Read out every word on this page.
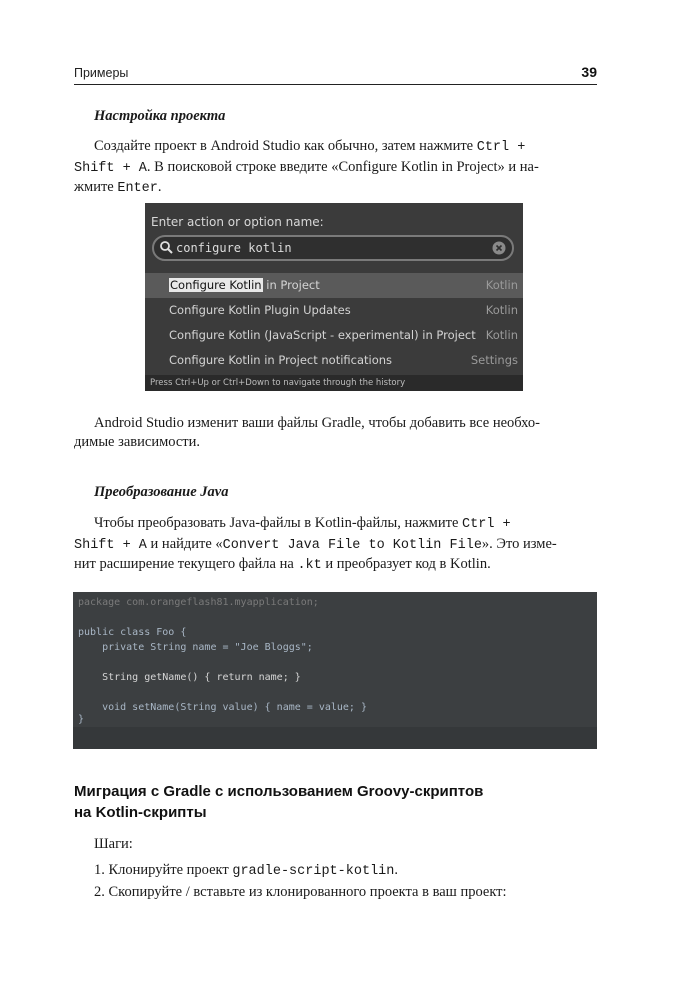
Примеры	39
Настройка проекта
Создайте проект в Android Studio как обычно, затем нажмите Ctrl +
Shift + A. В поисковой строке введите «Configure Kotlin in Project» и на-
жмите Enter.
Enter action or option name:
configure kotlin
Configure Kotlin in Project	Kotlin
Configure Kotlin Plugin Updates	Kotlin
Configure Kotlin (JavaScript - experimental) in Project Kotlin
Configure Kotlin in Project notifications	Settings
Press Ctrl+Up or Ctrl+Down to navigate through the history
Android Studio изменит ваши файлы Gradle, чтобы добавить все необхо-
димые зависимости.
Преобразование Java
Чтобы преобразовать Java-файлы в Kotlin-файлы, нажмите Ctrl +
Shift + A и найдите «Convert Java File to Kotlin File». Это изме-
нит расширение текущего файла на .kt и преобразует код в Kotlin.
package com.orangeflash81.myapplication;
public class Foo {
private String name = "Joe Bloggs";
String getName() { return name; }
void setName(String value) { name = value; }
}
Миграция с Gradle с использованием Groovy-скриптов
на Kotlin-скрипты
Шаги:
1. Клонируйте проект gradle-script-kotlin.
2. Скопируйте / вставьте из клонированного проекта в ваш проект:
